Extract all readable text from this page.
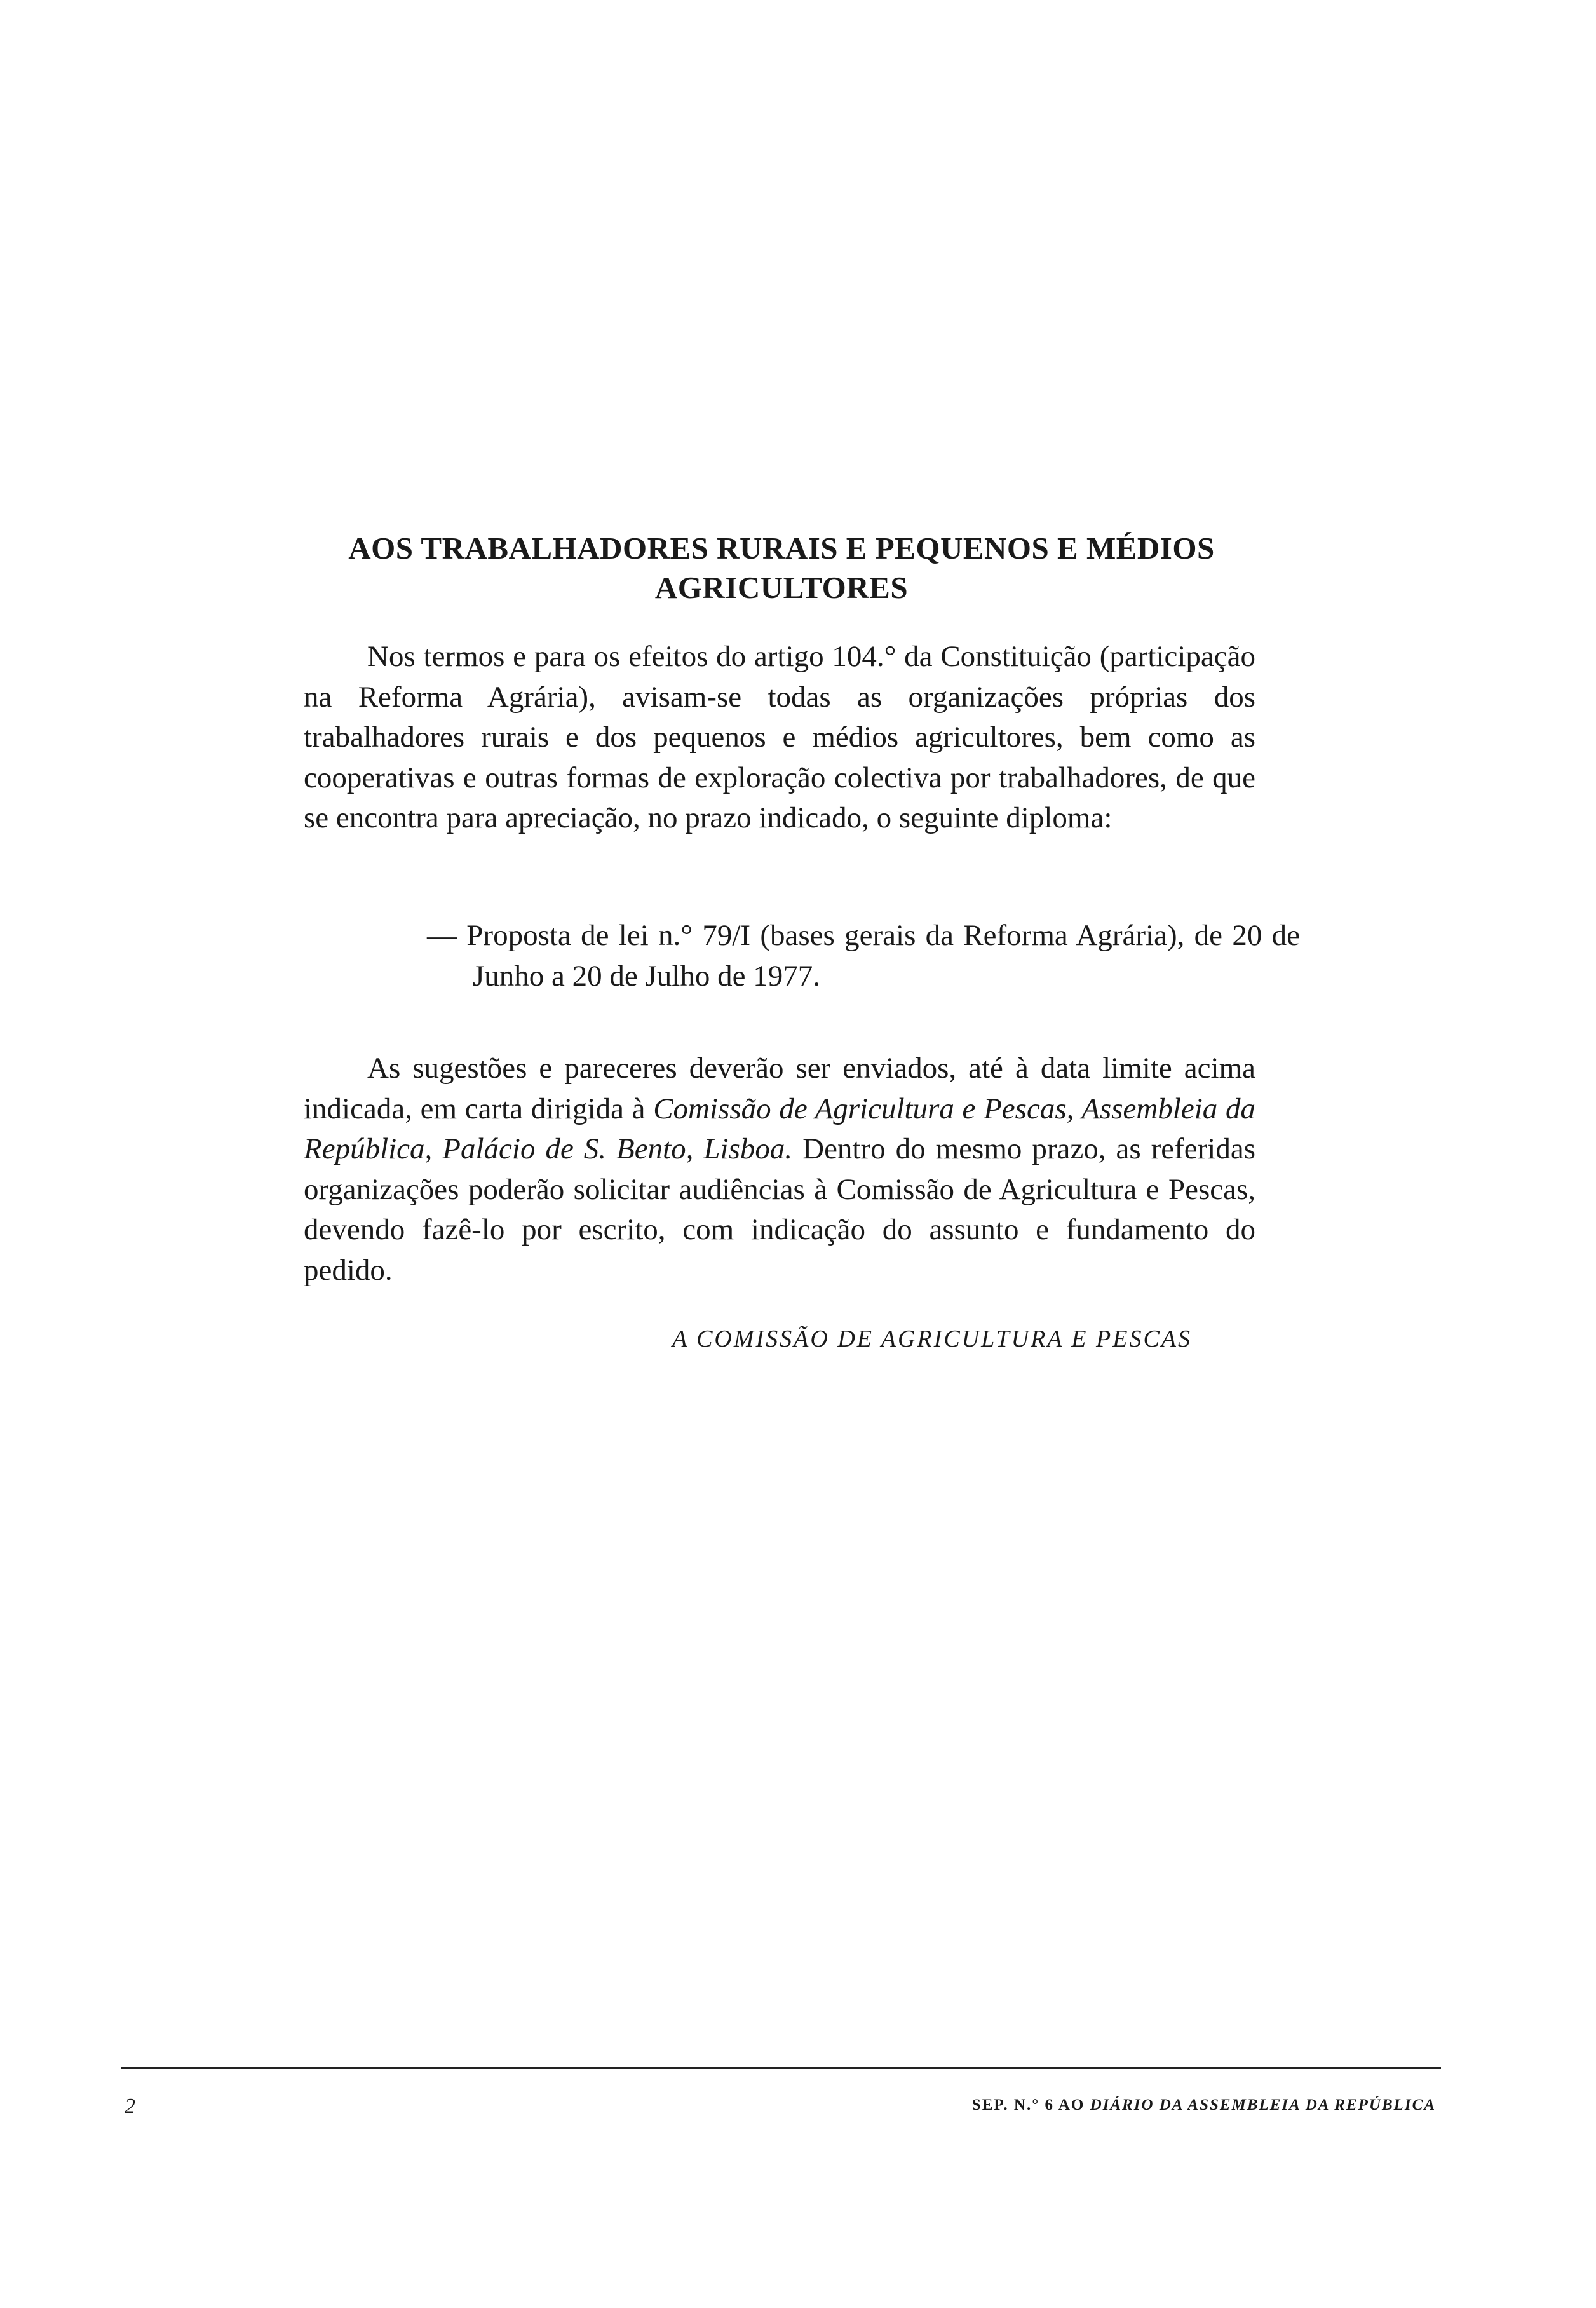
AOS TRABALHADORES RURAIS E PEQUENOS E MÉDIOS
AGRICULTORES

Nos termos e para os efeitos do artigo 104.° da Constituição (participação na Reforma Agrária), avisam-se todas as organizações próprias dos trabalhadores rurais e dos pequenos e médios agricultores, bem como as cooperativas e outras formas de exploração colectiva por trabalhadores, de que se encontra para apreciação, no prazo indicado, o seguinte diploma:

— Proposta de lei n.° 79/I (bases gerais da Reforma Agrária), de 20 de Junho a 20 de Julho de 1977.

As sugestões e pareceres deverão ser enviados, até à data limite acima indicada, em carta dirigida à Comissão de Agricultura e Pescas, Assembleia da República, Palácio de S. Bento, Lisboa. Dentro do mesmo prazo, as referidas organizações poderão solicitar audiências à Comissão de Agricultura e Pescas, devendo fazê-lo por escrito, com indicação do assunto e fundamento do pedido.

A COMISSÃO DE AGRICULTURA E PESCAS
2	SEP. N.° 6 AO DIÁRIO DA ASSEMBLEIA DA REPÚBLICA
